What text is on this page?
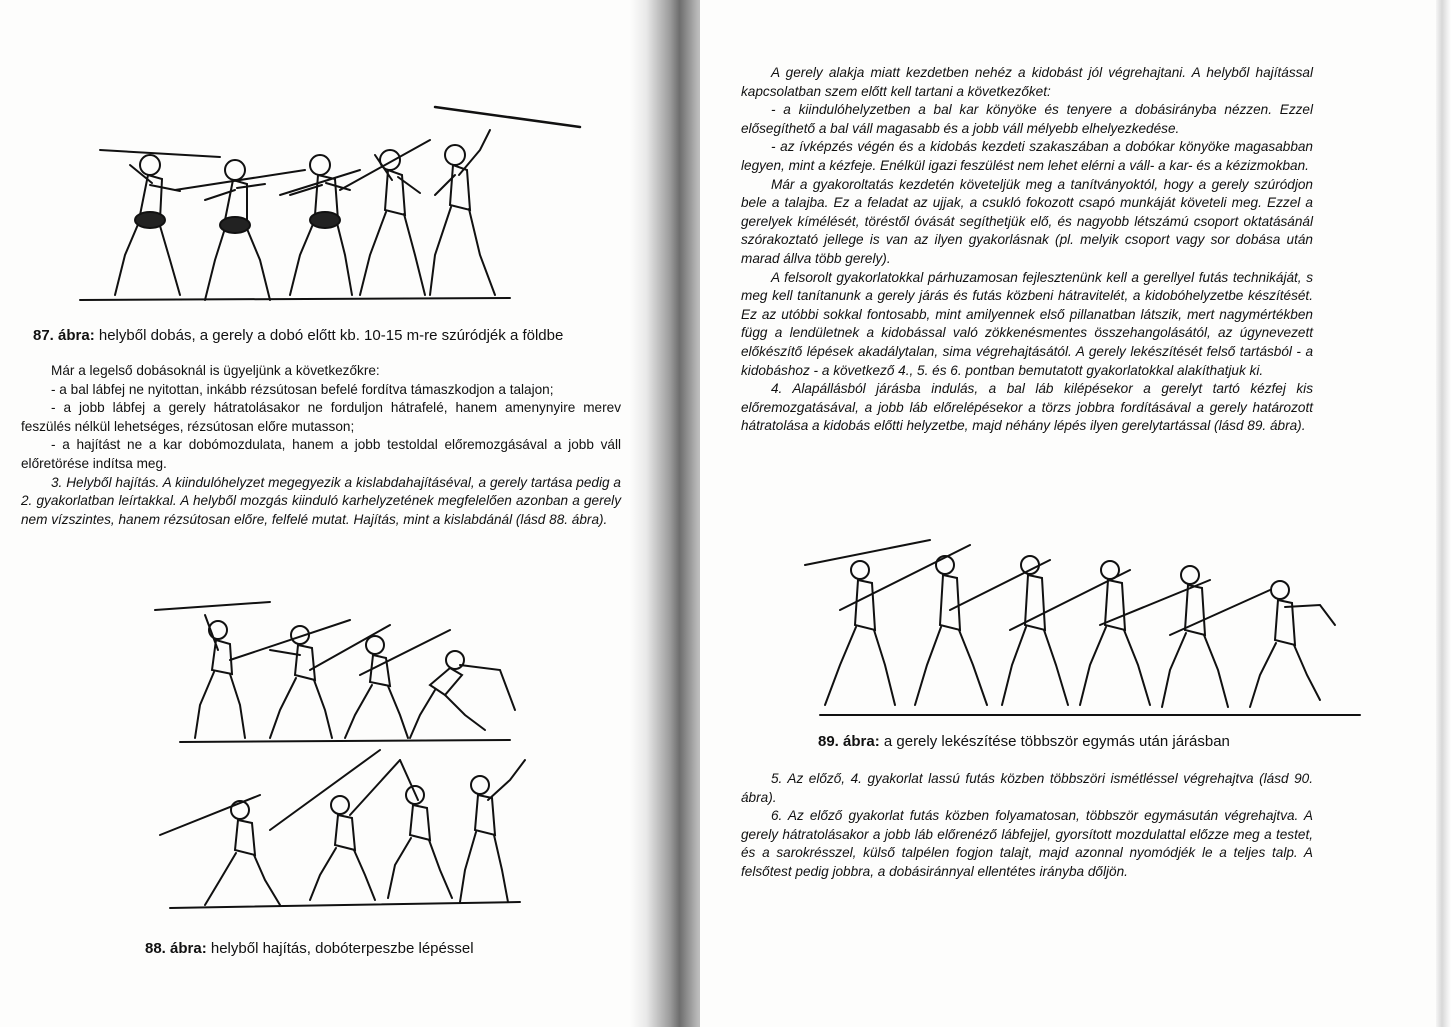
87. ábra: helyből dobás, a gerely a dobó előtt kb. 10-15 m-re szúródjék a földbe

Már a legelső dobásoknál is ügyeljünk a következőkre:

- a bal lábfej ne nyitottan, inkább rézsútosan befelé fordítva támaszkodjon a talajon;

- a jobb lábfej a gerely hátratolásakor ne forduljon hátrafelé, hanem amenynyire merev feszülés nélkül lehetséges, rézsútosan előre mutasson;

- a hajítást ne a kar dobómozdulata, hanem a jobb testoldal előremozgásával a jobb váll előretörése indítsa meg.

3. Helyből hajítás. A kiindulóhelyzet megegyezik a kislabdahajításéval, a gerely tartása pedig a 2. gyakorlatban leírtakkal. A helyből mozgás kiinduló karhelyzetének megfelelően azonban a gerely nem vízszintes, hanem rézsútosan előre, felfelé mutat. Hajítás, mint a kislabdánál (lásd 88. ábra).

88. ábra: helyből hajítás, dobóterpeszbe lépéssel

A gerely alakja miatt kezdetben nehéz a kidobást jól végrehajtani. A helyből hajítással kapcsolatban szem előtt kell tartani a következőket:

- a kiindulóhelyzetben a bal kar könyöke és tenyere a dobásirányba nézzen. Ezzel elősegíthető a bal váll magasabb és a jobb váll mélyebb elhelyezkedése.

- az ívképzés végén és a kidobás kezdeti szakaszában a dobókar könyöke magasabban legyen, mint a kézfeje. Enélkül igazi feszülést nem lehet elérni a váll- a kar- és a kézizmokban.

Már a gyakoroltatás kezdetén követeljük meg a tanítványoktól, hogy a gerely szúródjon bele a talajba. Ez a feladat az ujjak, a csukló fokozott csapó munkáját követeli meg. Ezzel a gerelyek kímélését, töréstől óvását segíthetjük elő, és nagyobb létszámú csoport oktatásánál szórakoztató jellege is van az ilyen gyakorlásnak (pl. melyik csoport vagy sor dobása után marad állva több gerely).

A felsorolt gyakorlatokkal párhuzamosan fejlesztenünk kell a gerellyel futás technikáját, s meg kell tanítanunk a gerely járás és futás közbeni hátravitelét, a kidobóhelyzetbe készítését. Ez az utóbbi sokkal fontosabb, mint amilyennek első pillanatban látszik, mert nagymértékben függ a lendületnek a kidobással való zökkenésmentes összehangolásától, az úgynevezett előkészítő lépések akadálytalan, sima végrehajtásától. A gerely lekészítését felső tartásból - a kidobáshoz - a következő 4., 5. és 6. pontban bemutatott gyakorlatokkal alakíthatjuk ki.

4. Alapállásból járásba indulás, a bal láb kilépésekor a gerelyt tartó kézfej kis előremozgatásával, a jobb láb előrelépésekor a törzs jobbra fordításával a gerely határozott hátratolása a kidobás előtti helyzetbe, majd néhány lépés ilyen gerelytartással (lásd 89. ábra).

89. ábra: a gerely lekészítése többször egymás után járásban

5. Az előző, 4. gyakorlat lassú futás közben többszöri ismétléssel végrehajtva (lásd 90. ábra).

6. Az előző gyakorlat futás közben folyamatosan, többször egymásután végrehajtva. A gerely hátratolásakor a jobb láb előrenéző lábfejjel, gyorsított mozdulattal előzze meg a testet, és a sarokrésszel, külső talpélen fogjon talajt, majd azonnal nyomódjék le a teljes talp. A felsőtest pedig jobbra, a dobásiránnyal ellentétes irányba dőljön.
